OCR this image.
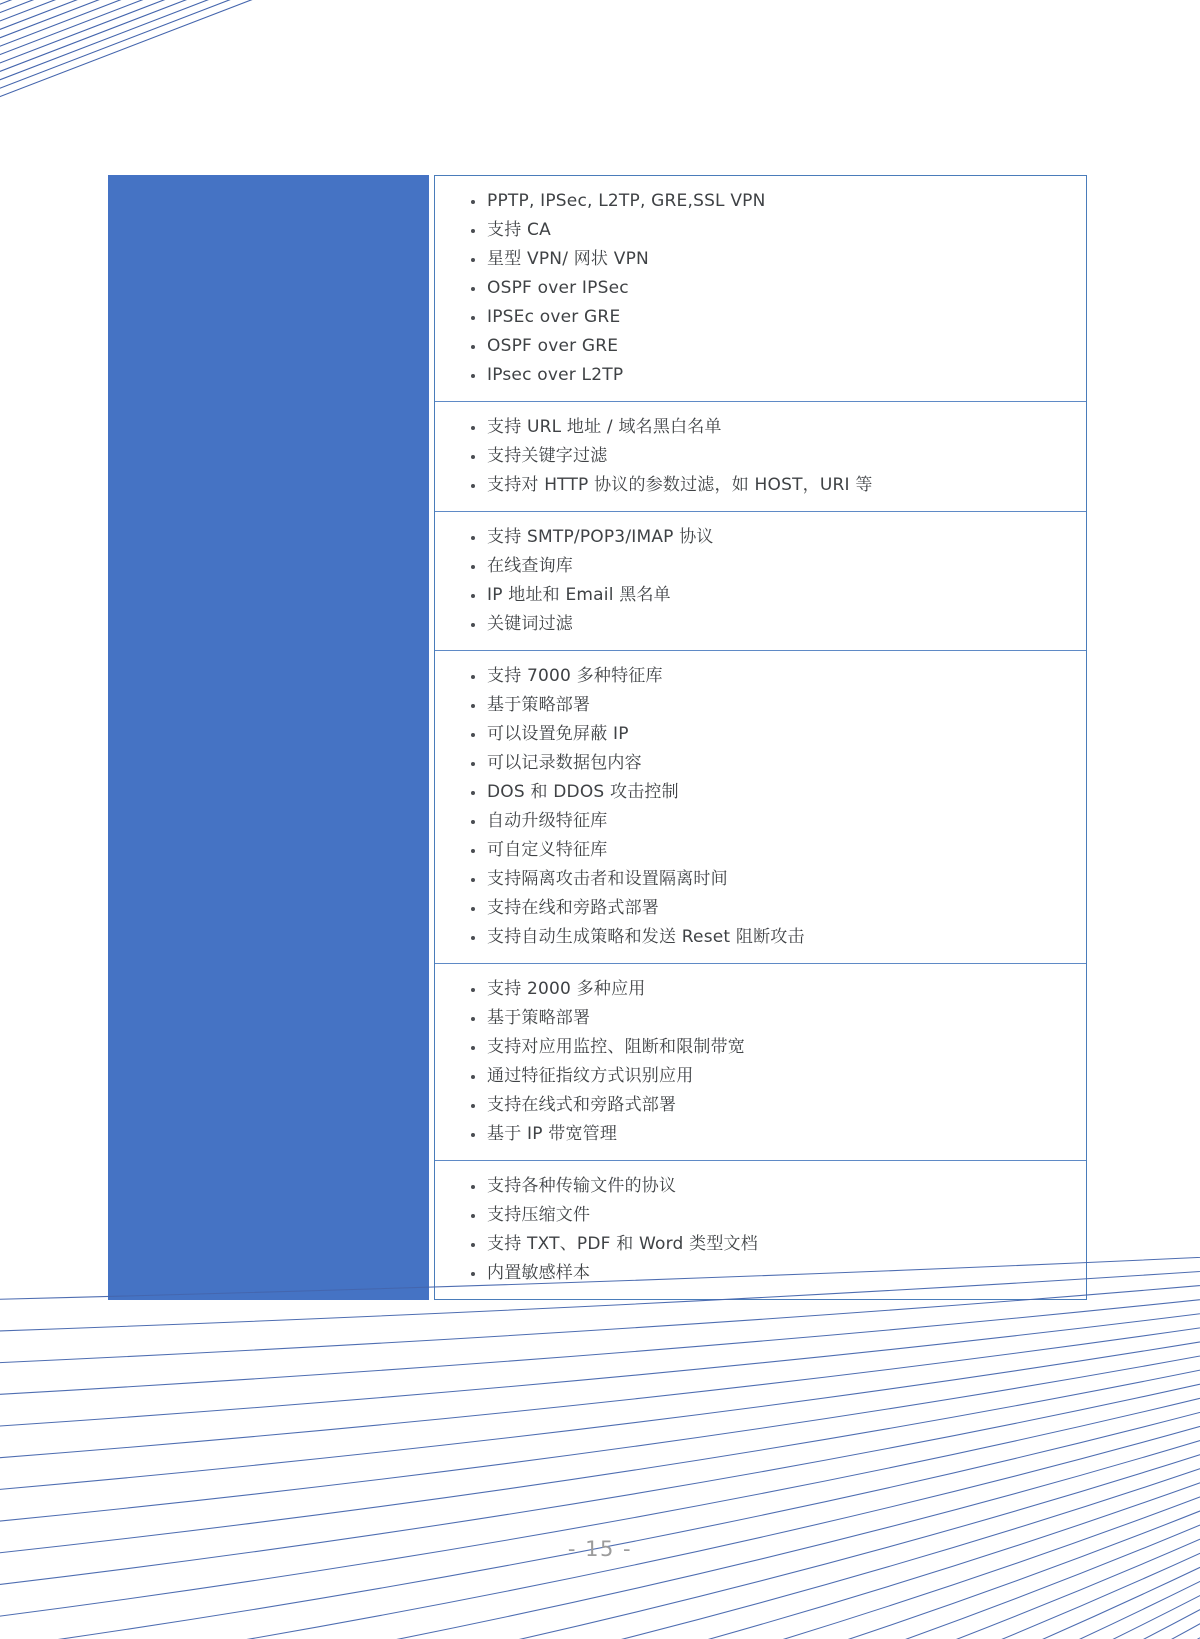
PPTP, IPSec, L2TP, GRE,SSL VPN
支持 CA
星型 VPN/ 网状 VPN
OSPF over IPSec
IPSEc over GRE
OSPF over GRE
IPsec over L2TP
支持 URL 地址 / 域名黑白名单
支持关键字过滤
支持对 HTTP 协议的参数过滤，如 HOST，URI 等
支持 SMTP/POP3/IMAP 协议
在线查询库
IP 地址和 Email 黑名单
关键词过滤
支持 7000 多种特征库
基于策略部署
可以设置免屏蔽 IP
可以记录数据包内容
DOS 和 DDOS 攻击控制
自动升级特征库
可自定义特征库
支持隔离攻击者和设置隔离时间
支持在线和旁路式部署
支持自动生成策略和发送 Reset 阻断攻击
支持 2000 多种应用
基于策略部署
支持对应用监控、阻断和限制带宽
通过特征指纹方式识别应用
支持在线式和旁路式部署
基于 IP 带宽管理
支持各种传输文件的协议
支持压缩文件
支持 TXT、PDF 和 Word 类型文档
内置敏感样本
- 15 -
